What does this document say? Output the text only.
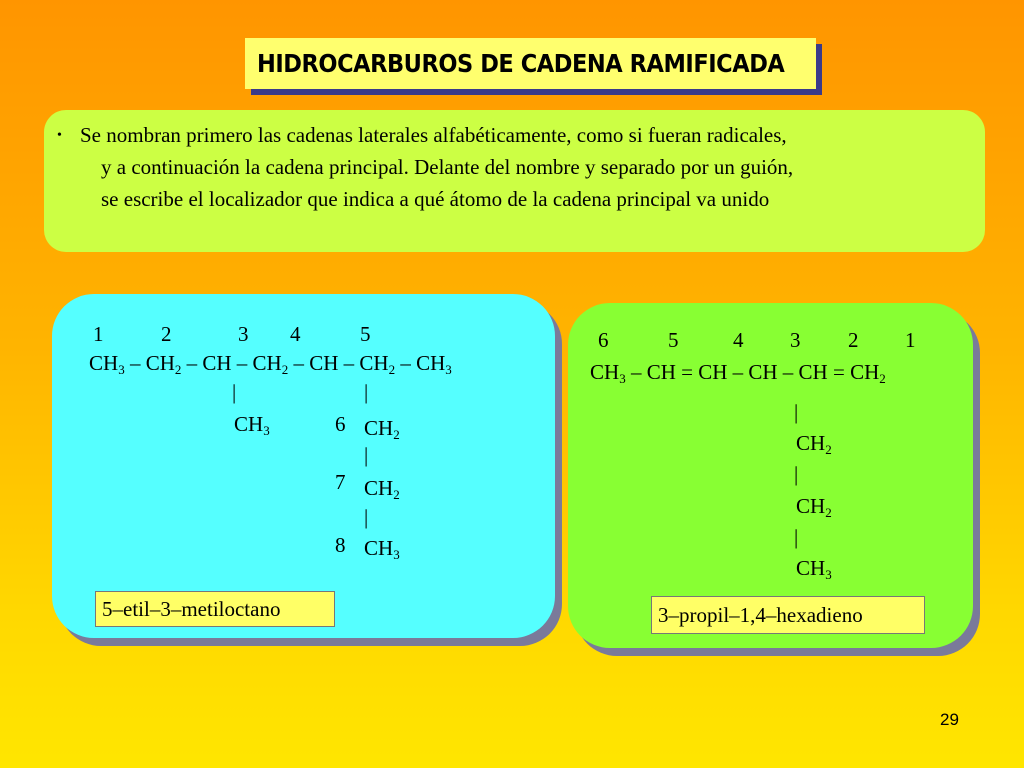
HIDROCARBUROS DE CADENA RAMIFICADA
• Se nombran primero las cadenas laterales alfabéticamente, como si fueran radicales,
y a continuación la cadena principal. Delante del nombre y separado por un guión,
se escribe el localizador que indica a qué átomo de la cadena principal va unido
1	2	3 4	5
$CH_3 - CH_2$ – CH – $CH_2$ – CH – $CH_2 - CH_3$
|
$CH_3$
|
6 $CH_2$
|
7 $CH_2$
|
8 $CH_3$
5–etil–3–metiloctano
6	5	4 3 2 1
$CH_3$ – CH = CH – CH – CH = $CH_2$
|
$CH_2$
|
$CH_2$
|
$CH_3$
3–propil–1,4–hexadieno
29
